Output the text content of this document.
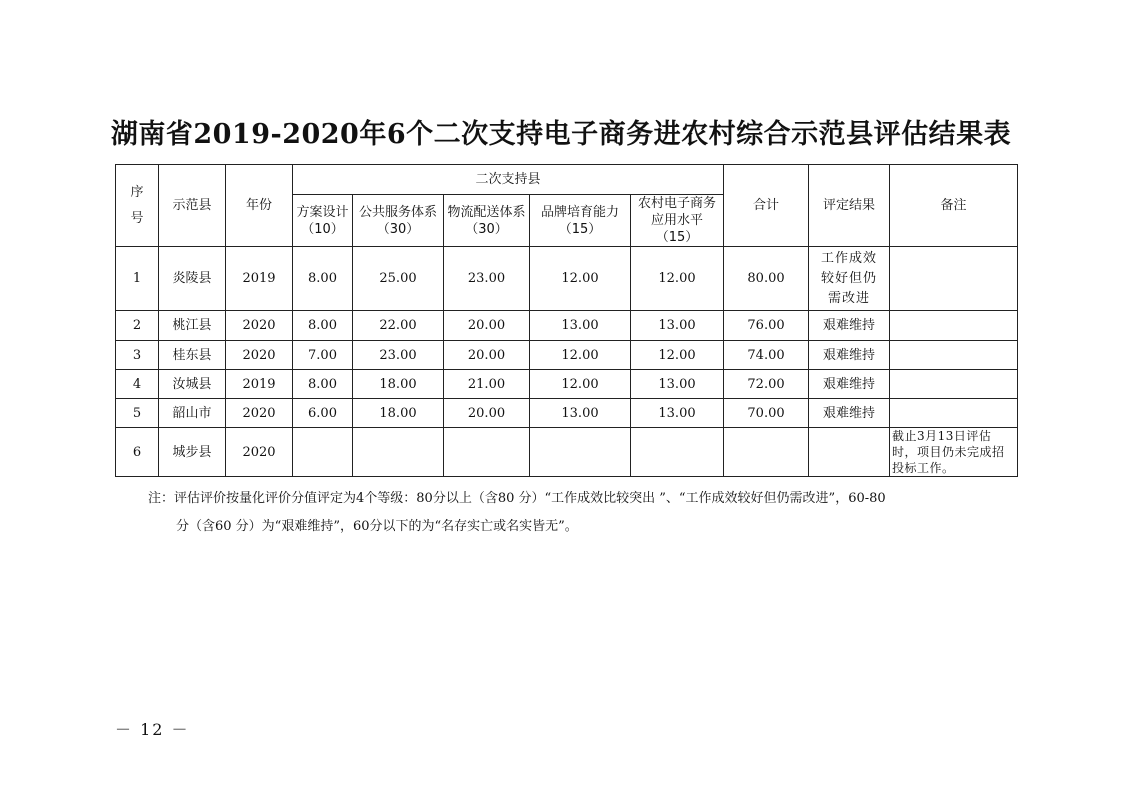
湖南省2019-2020年6个二次支持电子商务进农村综合示范县评估结果表
序号	示范县	年份	二次支持县					合计	评定结果	备注
			方案设计（10）	公共服务体系（30）	物流配送体系（30）	品牌培育能力（15）	农村电子商务应用水平（15）			
1	炎陵县	2019	8.00	25.00	23.00	12.00	12.00	80.00	工作成效较好但仍需改进	
2	桃江县	2020	8.00	22.00	20.00	13.00	13.00	76.00	艰难维持	
3	桂东县	2020	7.00	23.00	20.00	12.00	12.00	74.00	艰难维持	
4	汝城县	2019	8.00	18.00	21.00	12.00	13.00	72.00	艰难维持	
5	韶山市	2020	6.00	18.00	20.00	13.00	13.00	70.00	艰难维持	
6	城步县	2020								截止3月13日评估时，项目仍未完成招投标工作。

注：评估评价按量化评价分值评定为4个等级：80分以上（含80 分）“工作成效比较突出 ”、“工作成效较好但仍需改进”，60-80

分（含60 分）为“艰难维持”，60分以下的为“名存实亡或名实皆无”。

－ 12 －
